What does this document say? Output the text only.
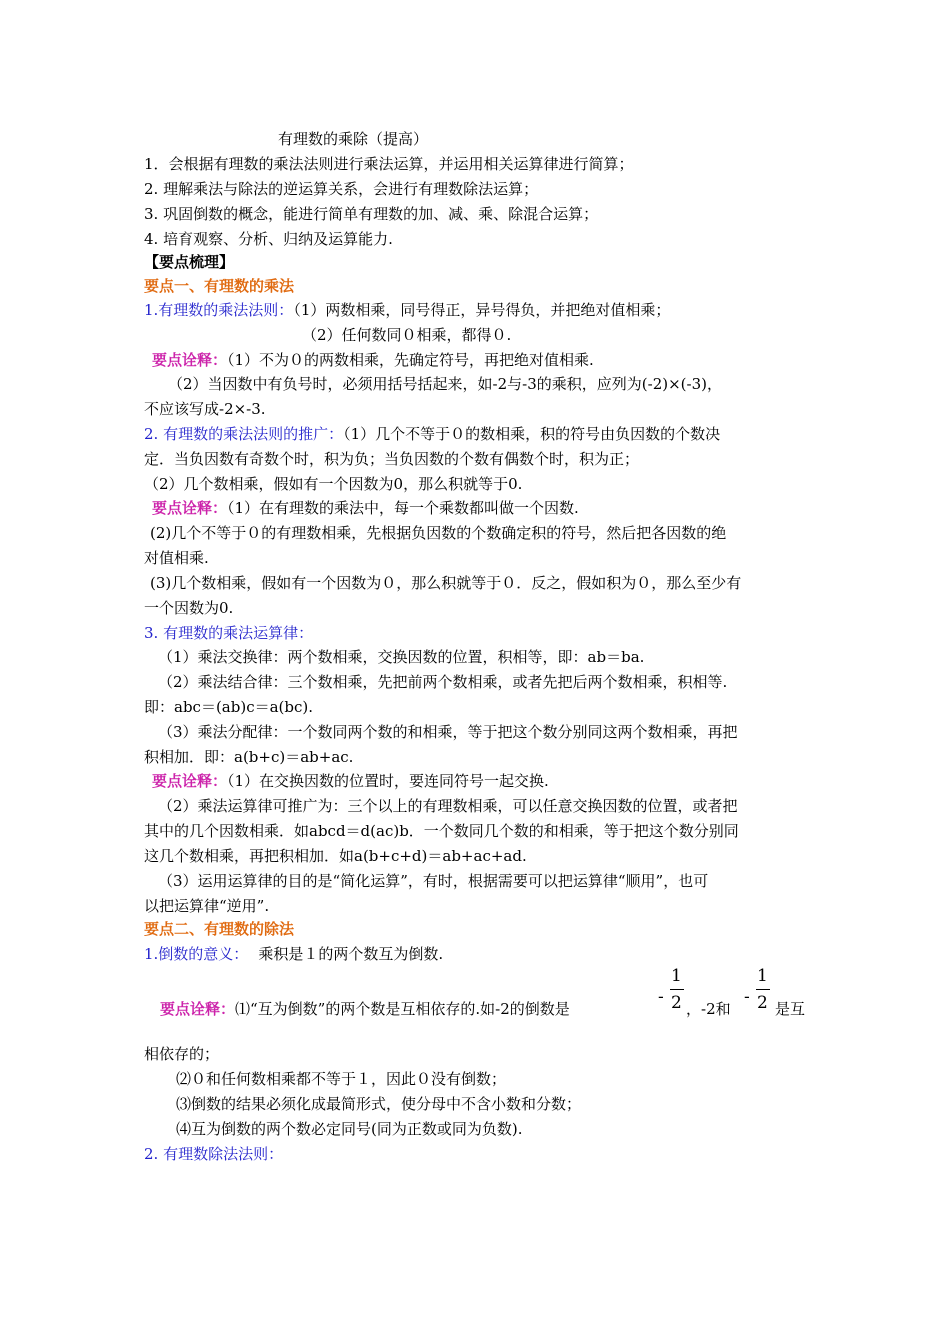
有理数的乘除（提高）
1．会根据有理数的乘法法则进行乘法运算，并运用相关运算律进行简算；
2. 理解乘法与除法的逆运算关系，会进行有理数除法运算；
3. 巩固倒数的概念，能进行简单有理数的加、减、乘、除混合运算；
4. 培育观察、分析、归纳及运算能力.
【要点梳理】
要点一、有理数的乘法
1.有理数的乘法法则：（1）两数相乘，同号得正，异号得负，并把绝对值相乘；
（2）任何数同０相乘，都得０.
要点诠释：（1）不为０的两数相乘，先确定符号，再把绝对值相乘.
（2）当因数中有负号时，必须用括号括起来，如-2与-3的乘积，应列为(-2)×(-3)，
不应该写成-2×-3.
2. 有理数的乘法法则的推广：（1）几个不等于０的数相乘，积的符号由负因数的个数决
定．当负因数有奇数个时，积为负；当负因数的个数有偶数个时，积为正；
（2）几个数相乘，假如有一个因数为0，那么积就等于0.
要点诠释：（1）在有理数的乘法中，每一个乘数都叫做一个因数.
(2)几个不等于０的有理数相乘，先根据负因数的个数确定积的符号，然后把各因数的绝
对值相乘.
(3)几个数相乘，假如有一个因数为０，那么积就等于０．反之，假如积为０，那么至少有
一个因数为0.
3. 有理数的乘法运算律：
（1）乘法交换律：两个数相乘，交换因数的位置，积相等，即：ab＝ba.
（2）乘法结合律：三个数相乘，先把前两个数相乘，或者先把后两个数相乘，积相等.
即：abc＝(ab)c＝a(bc).
（3）乘法分配律：一个数同两个数的和相乘，等于把这个数分别同这两个数相乘，再把
积相加．即：a(b+c)＝ab+ac.
要点诠释：（1）在交换因数的位置时，要连同符号一起交换.
（2）乘法运算律可推广为：三个以上的有理数相乘，可以任意交换因数的位置，或者把
其中的几个因数相乘．如abcd＝d(ac)b．一个数同几个数的和相乘，等于把这个数分别同
这几个数相乘，再把积相加．如a(b+c+d)＝ab+ac+ad.
（3）运用运算律的目的是“简化运算”，有时，根据需要可以把运算律“顺用”，也可
以把运算律“逆用”.
要点二、有理数的除法
1.倒数的意义： 乘积是１的两个数互为倒数.
要点诠释：⑴“互为倒数”的两个数是互相依存的.如-2的倒数是
-
1
2 ，-2和
-
1
2 是互
相依存的；
⑵０和任何数相乘都不等于１，因此０没有倒数；
⑶倒数的结果必须化成最简形式，使分母中不含小数和分数；
⑷互为倒数的两个数必定同号(同为正数或同为负数).
2. 有理数除法法则：
